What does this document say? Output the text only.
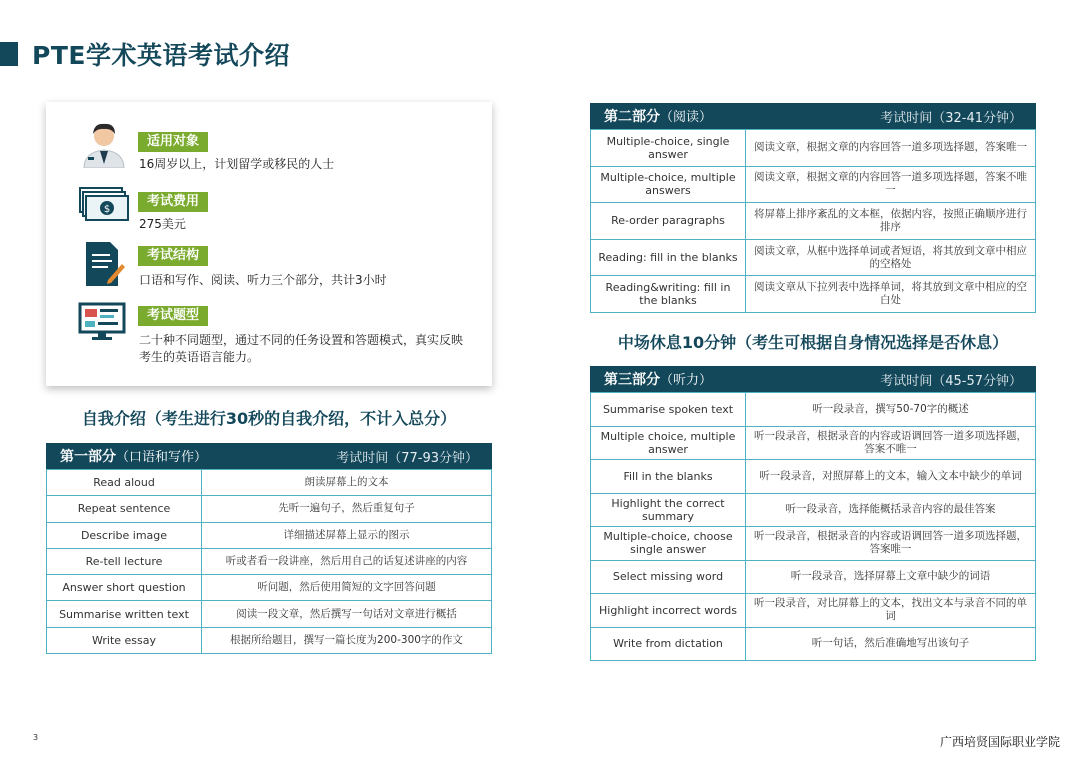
PTE学术英语考试介绍
适用对象
16周岁以上，计划留学或移民的人士
$
考试费用
275美元
考试结构
口语和写作、阅读、听力三个部分，共计3小时
考试题型
二十种不同题型，通过不同的任务设置和答题模式，真实反映考生的英语语言能力。
自我介绍（考生进行30秒的自我介绍，不计入总分）
第一部分（口语和写作）	考试时间（77-93分钟）
Read aloud	朗读屏幕上的文本
Repeat sentence	先听一遍句子，然后重复句子
Describe image	详细描述屏幕上显示的图示
Re-tell lecture	听或者看一段讲座，然后用自己的话复述讲座的内容
Answer short question	听问题，然后使用简短的文字回答问题
Summarise written text	阅读一段文章，然后撰写一句话对文章进行概括
Write essay	根据所给题目，撰写一篇长度为200-300字的作文
第二部分（阅读）	考试时间（32-41分钟）
Multiple-choice, single answer	阅读文章，根据文章的内容回答一道多项选择题，答案唯一
Multiple-choice, multiple answers	阅读文章，根据文章的内容回答一道多项选择题，答案不唯一
Re-order paragraphs	将屏幕上排序紊乱的文本框，依据内容，按照正确顺序进行排序
Reading: fill in the blanks	阅读文章，从框中选择单词或者短语，将其放到文章中相应的空格处
Reading&writing: fill in the blanks	阅读文章从下拉列表中选择单词，将其放到文章中相应的空白处
中场休息10分钟（考生可根据自身情况选择是否休息）
第三部分（听力）	考试时间（45-57分钟）
Summarise spoken text	听一段录音，撰写50-70字的概述
Multiple choice, multiple answer	听一段录音，根据录音的内容或语调回答一道多项选择题，答案不唯一
Fill in the blanks	听一段录音，对照屏幕上的文本，输入文本中缺少的单词
Highlight the correct summary	听一段录音，选择能概括录音内容的最佳答案
Multiple-choice, choose single answer	听一段录音，根据录音的内容或语调回答一道多项选择题，答案唯一
Select missing word	听一段录音，选择屏幕上文章中缺少的词语
Highlight incorrect words	听一段录音，对比屏幕上的文本，找出文本与录音不同的单词
Write from dictation	听一句话，然后准确地写出该句子
3	广西培贤国际职业学院
